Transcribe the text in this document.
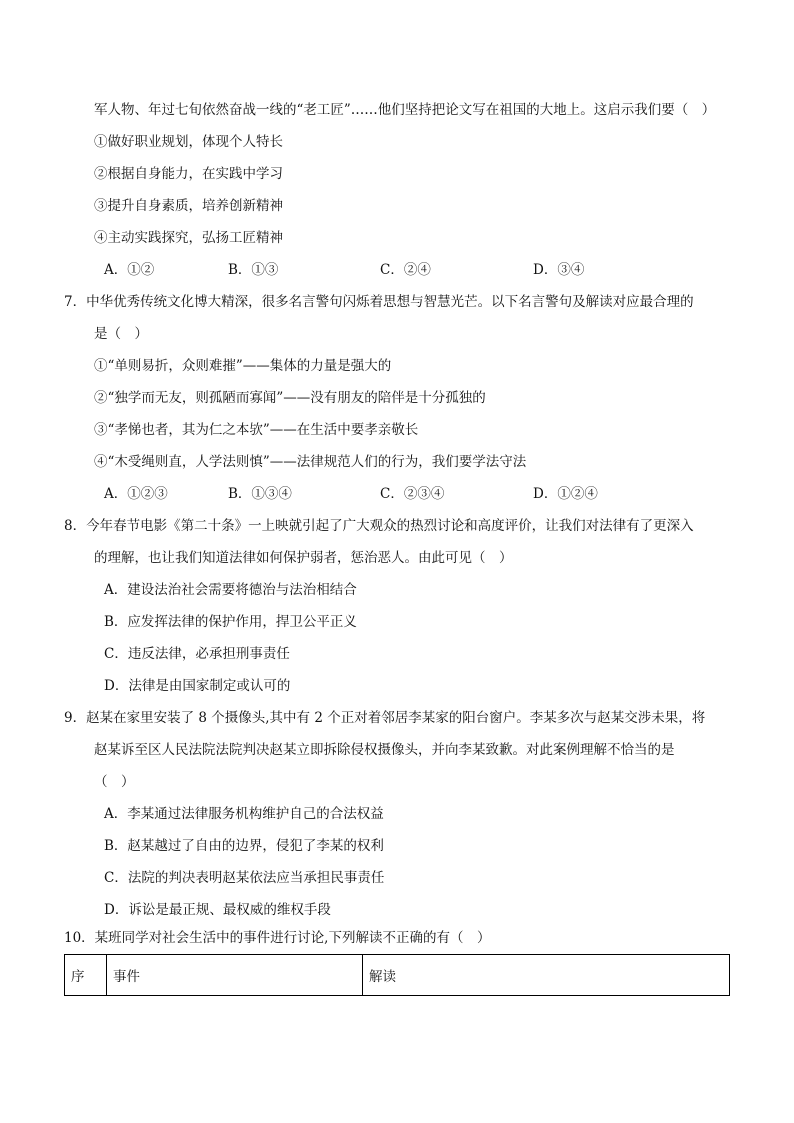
军人物、年过七旬依然奋战一线的“老工匠”……他们坚持把论文写在祖国的大地上。这启示我们要（　）
①做好职业规划，体现个人特长
②根据自身能力，在实践中学习
③提升自身素质，培养创新精神
④主动实践探究，弘扬工匠精神
A．①②	B．①③	C．②④	D．③④
7．中华优秀传统文化博大精深，很多名言警句闪烁着思想与智慧光芒。以下名言警句及解读对应最合理的
是（　）
①“单则易折，众则难摧”——集体的力量是强大的
②“独学而无友，则孤陋而寡闻”——没有朋友的陪伴是十分孤独的
③“孝悌也者，其为仁之本欤”——在生活中要孝亲敬长
④“木受绳则直，人学法则慎”——法律规范人们的行为，我们要学法守法
A．①②③	B．①③④	C．②③④	D．①②④
8．今年春节电影《第二十条》一上映就引起了广大观众的热烈讨论和高度评价，让我们对法律有了更深入
的理解，也让我们知道法律如何保护弱者，惩治恶人。由此可见（　）
A．建设法治社会需要将德治与法治相结合
B．应发挥法律的保护作用，捍卫公平正义
C．违反法律，必承担刑事责任
D．法律是由国家制定或认可的
9．赵某在家里安装了 8 个摄像头,其中有 2 个正对着邻居李某家的阳台窗户。李某多次与赵某交涉未果，将
赵某诉至区人民法院法院判决赵某立即拆除侵权摄像头，并向李某致歉。对此案例理解不恰当的是
（　）
A．李某通过法律服务机构维护自己的合法权益
B．赵某越过了自由的边界，侵犯了李某的权利
C．法院的判决表明赵某依法应当承担民事责任
D．诉讼是最正规、最权威的维权手段
10．某班同学对社会生活中的事件进行讨论,下列解读不正确的有（　）
序	事件	解读
